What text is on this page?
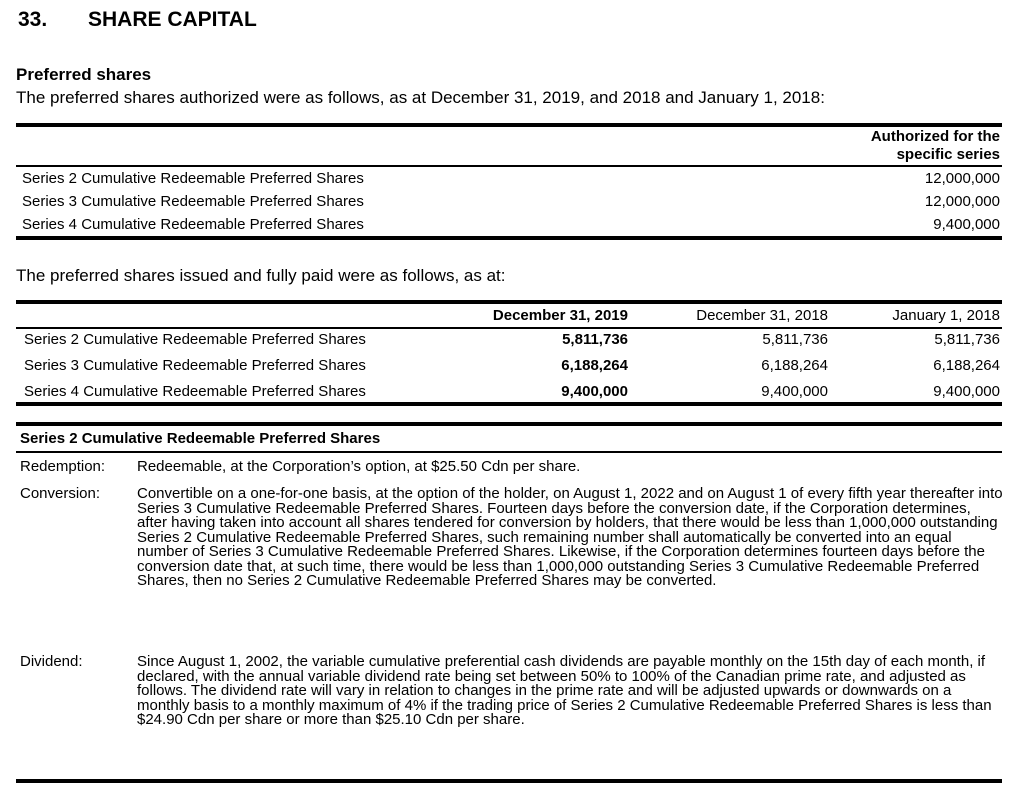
33. SHARE CAPITAL
Preferred shares
The preferred shares authorized were as follows, as at December 31, 2019, and 2018 and January 1, 2018:
Authorized for the
specific series
Series 2 Cumulative Redeemable Preferred Shares	12,000,000
Series 3 Cumulative Redeemable Preferred Shares	12,000,000
Series 4 Cumulative Redeemable Preferred Shares	9,400,000
The preferred shares issued and fully paid were as follows, as at:
December 31, 2019	December 31, 2018	January 1, 2018
Series 2 Cumulative Redeemable Preferred Shares	5,811,736	5,811,736	5,811,736
Series 3 Cumulative Redeemable Preferred Shares	6,188,264	6,188,264	6,188,264
Series 4 Cumulative Redeemable Preferred Shares	9,400,000	9,400,000	9,400,000
Series 2 Cumulative Redeemable Preferred Shares
Redemption: Redeemable, at the Corporation’s option, at $25.50 Cdn per share.
Conversion: Convertible on a one-for-one basis, at the option of the holder, on August 1, 2022 and on August 1 of every fifth year thereafter into Series 3 Cumulative Redeemable Preferred Shares. Fourteen days before the conversion date, if the Corporation determines, after having taken into account all shares tendered for conversion by holders, that there would be less than 1,000,000 outstanding Series 2 Cumulative Redeemable Preferred Shares, such remaining number shall automatically be converted into an equal number of Series 3 Cumulative Redeemable Preferred Shares. Likewise, if the Corporation determines fourteen days before the conversion date that, at such time, there would be less than 1,000,000 outstanding Series 3 Cumulative Redeemable Preferred Shares, then no Series 2 Cumulative Redeemable Preferred Shares may be converted.
Dividend:	Since August 1, 2002, the variable cumulative preferential cash dividends are payable monthly on the 15th day of each month, if declared, with the annual variable dividend rate being set between 50% to 100% of the Canadian prime rate, and adjusted as follows. The dividend rate will vary in relation to changes in the prime rate and will be adjusted upwards or downwards on a monthly basis to a monthly maximum of 4% if the trading price of Series 2 Cumulative Redeemable Preferred Shares is less than $24.90 Cdn per share or more than $25.10 Cdn per share.
